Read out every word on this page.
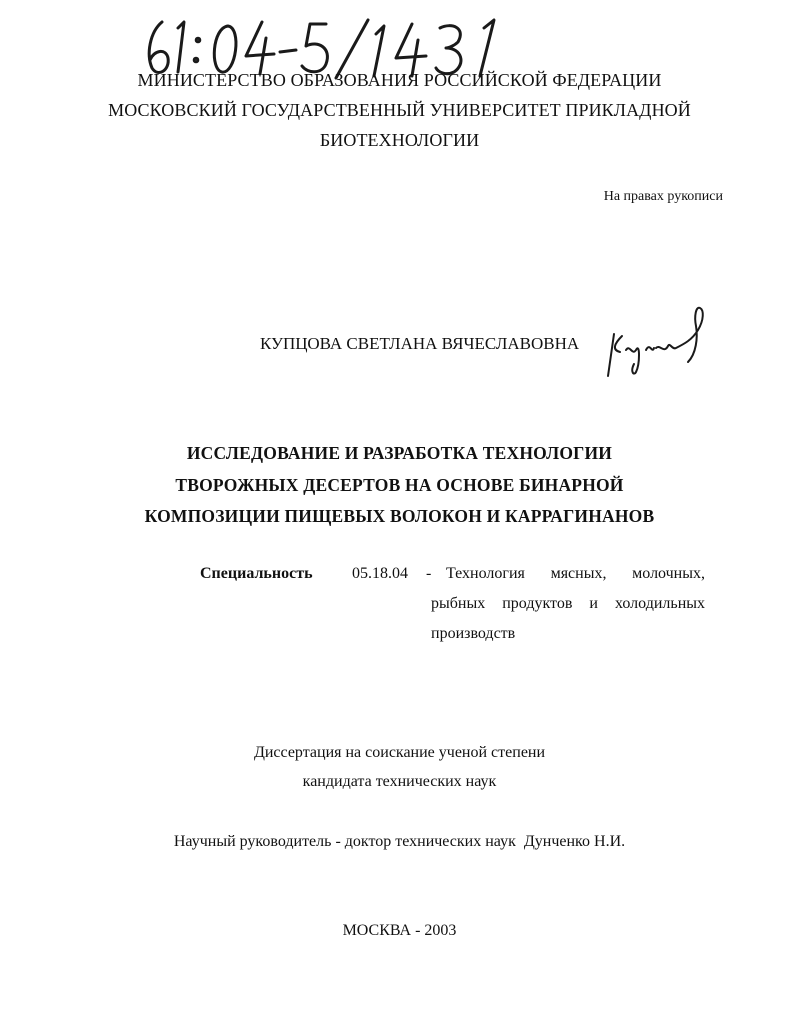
МИНИСТЕРСТВО ОБРАЗОВАНИЯ РОССИЙСКОЙ ФЕДЕРАЦИИ
МОСКОВСКИЙ ГОСУДАРСТВЕННЫЙ УНИВЕРСИТЕТ ПРИКЛАДНОЙ
БИОТЕХНОЛОГИИ
На правах рукописи
КУПЦОВА СВЕТЛАНА ВЯЧЕСЛАВОВНА
ИССЛЕДОВАНИЕ И РАЗРАБОТКА ТЕХНОЛОГИИ
ТВОРОЖНЫХ ДЕСЕРТОВ НА ОСНОВЕ БИНАРНОЙ
КОМПОЗИЦИИ ПИЩЕВЫХ ВОЛОКОН И КАРРАГИНАНОВ
Специальность 05.18.04 - Технология мясных, молочных,
рыбных продуктов и холодильных
производств
Диссертация на соискание ученой степени
кандидата технических наук
Научный руководитель - доктор технических наук  Дунченко Н.И.
МОСКВА - 2003
